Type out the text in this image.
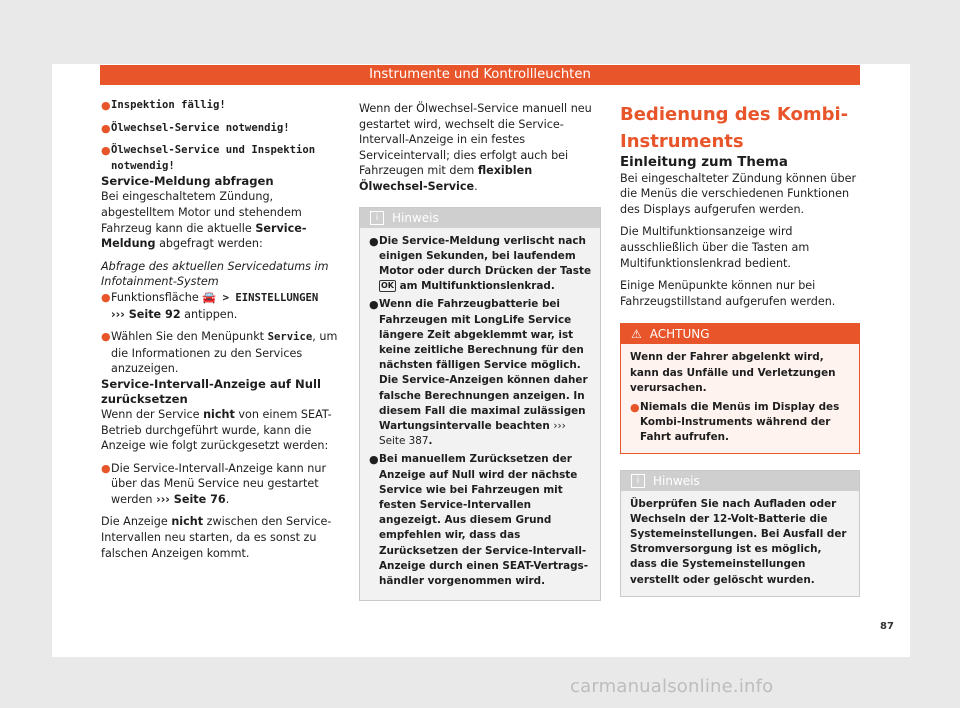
Instrumente und Kontrollleuchten
● Inspektion fällig!
● Ölwechsel-Service notwendig!
● Ölwechsel-Service und Inspektion notwendig!

Service-Meldung abfragen

Bei eingeschaltetem Zündung, abgestelltem Motor und stehendem Fahrzeug kann die aktuelle Service-Meldung abgefragt werden:

Abfrage des aktuellen Servicedatums im Infotainment-System

● Funktionsfläche 🚘 > EINSTELLUNGEN
››› Seite 92 antippen.
● Wählen Sie den Menüpunkt Service, um die Informationen zu den Services anzuzeigen.

Service-Intervall-Anzeige auf Null zurücksetzen

Wenn der Service nicht von einem SEAT-Betrieb durchgeführt wurde, kann die Anzeige wie folgt zurückgesetzt werden:

● Die Service-Intervall-Anzeige kann nur über das Menü Service neu gestartet werden ››› Seite 76.

Die Anzeige nicht zwischen den Service-Intervallen neu starten, da es sonst zu falschen Anzeigen kommt.

Wenn der Ölwechsel-Service manuell neu gestartet wird, wechselt die Service-Intervall-Anzeige in ein festes Serviceintervall; dies erfolgt auch bei Fahrzeugen mit dem flexiblen Ölwechsel-Service.

i Hinweis
● Die Service-Meldung verlischt nach einigen Sekunden, bei laufendem Motor oder durch Drücken der Taste OK am Multifunktionslenkrad.
● Wenn die Fahrzeugbatterie bei Fahrzeugen mit LongLife Service längere Zeit abgeklemmt war, ist keine zeitliche Berechnung für den nächsten fälligen Service möglich. Die Service-Anzeigen können daher falsche Berechnungen anzeigen. In diesem Fall die maximal zulässigen Wartungsintervalle beachten ››› Seite 387.
● Bei manuellem Zurücksetzen der Anzeige auf Null wird der nächste Service wie bei Fahrzeugen mit festen Service-Intervallen angezeigt. Aus diesem Grund empfehlen wir, dass das Zurücksetzen der Service-Intervall-Anzeige durch einen SEAT-Vertragshändler vorgenommen wird.

Bedienung des Kombi-Instruments

Einleitung zum Thema

Bei eingeschalteter Zündung können über die Menüs die verschiedenen Funktionen des Displays aufgerufen werden.

Die Multifunktionsanzeige wird ausschließlich über die Tasten am Multifunktionslenkrad bedient.

Einige Menüpunkte können nur bei Fahrzeugstillstand aufgerufen werden.

⚠ ACHTUNG

Wenn der Fahrer abgelenkt wird, kann das Unfälle und Verletzungen verursachen.

● Niemals die Menüs im Display des Kombi-Instruments während der Fahrt aufrufen.
i Hinweis

Überprüfen Sie nach Aufladen oder Wechseln der 12-Volt-Batterie die Systemeinstellungen. Bei Ausfall der Stromversorgung ist es möglich, dass die Systemeinstellungen verstellt oder gelöscht wurden.

87
carmanualsonline.info
